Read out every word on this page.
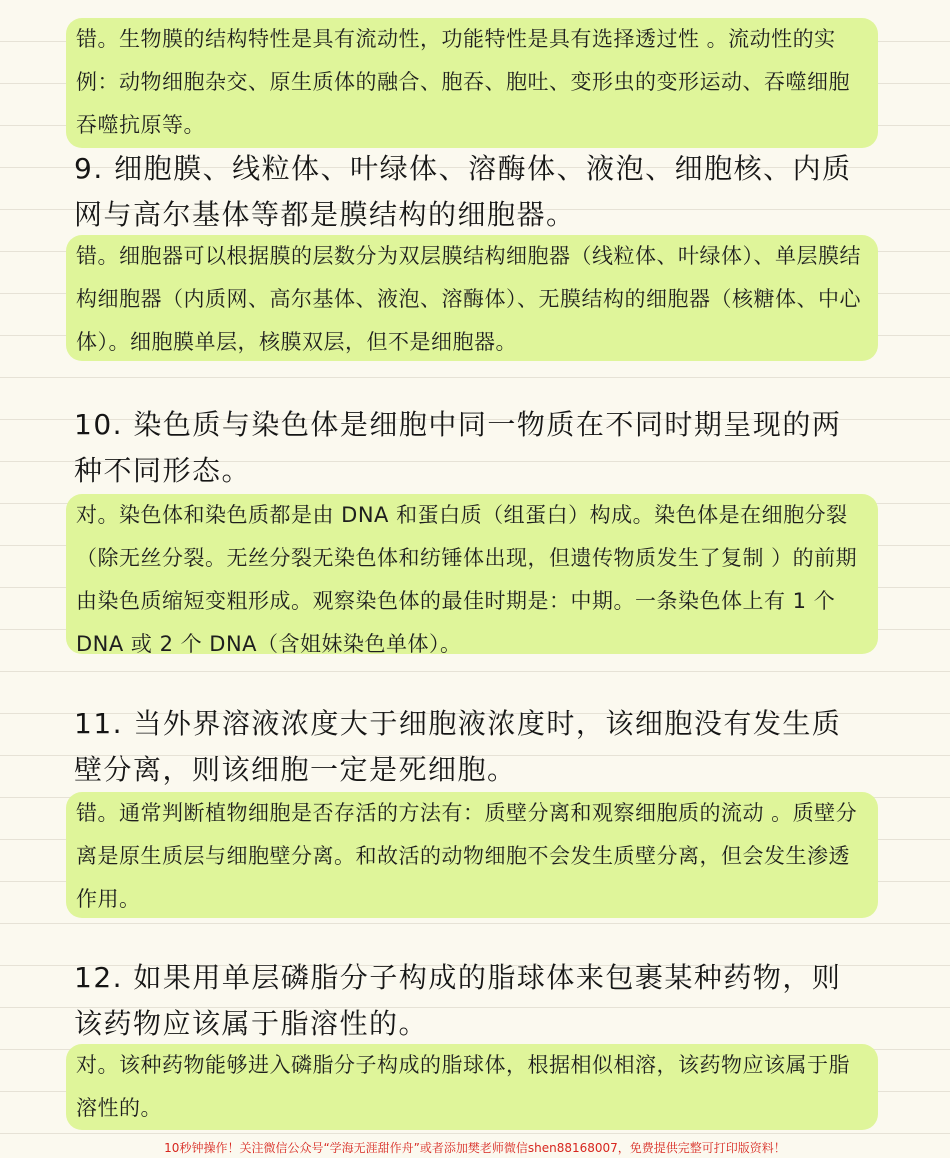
错。生物膜的结构特性是具有流动性，功能特性是具有选择透过性 。流动性的实例：动物细胞杂交、原生质体的融合、胞吞、胞吐、变形虫的变形运动、吞噬细胞吞噬抗原等。
9. 细胞膜、线粒体、叶绿体、溶酶体、液泡、细胞核、内质网与高尔基体等都是膜结构的细胞器。
错。细胞器可以根据膜的层数分为双层膜结构细胞器（线粒体、叶绿体）、单层膜结构细胞器（内质网、高尔基体、液泡、溶酶体）、无膜结构的细胞器（核糖体、中心体）。细胞膜单层，核膜双层，但不是细胞器。
10. 染色质与染色体是细胞中同一物质在不同时期呈现的两种不同形态。
对。染色体和染色质都是由 DNA 和蛋白质（组蛋白）构成。染色体是在细胞分裂（除无丝分裂。无丝分裂无染色体和纺锤体出现，但遗传物质发生了复制 ）的前期由染色质缩短变粗形成。观察染色体的最佳时期是：中期。一条染色体上有 1 个 DNA 或 2 个 DNA（含姐妹染色单体）。
11. 当外界溶液浓度大于细胞液浓度时，该细胞没有发生质壁分离，则该细胞一定是死细胞。
错。通常判断植物细胞是否存活的方法有：质壁分离和观察细胞质的流动 。质壁分离是原生质层与细胞壁分离。和故活的动物细胞不会发生质壁分离，但会发生渗透作用。
12. 如果用单层磷脂分子构成的脂球体来包裹某种药物，则该药物应该属于脂溶性的。
对。该种药物能够进入磷脂分子构成的脂球体，根据相似相溶，该药物应该属于脂溶性的。
10秒钟操作！关注微信公众号“学海无涯甜作舟”或者添加樊老师微信shen88168007，免费提供完整可打印版资料！
